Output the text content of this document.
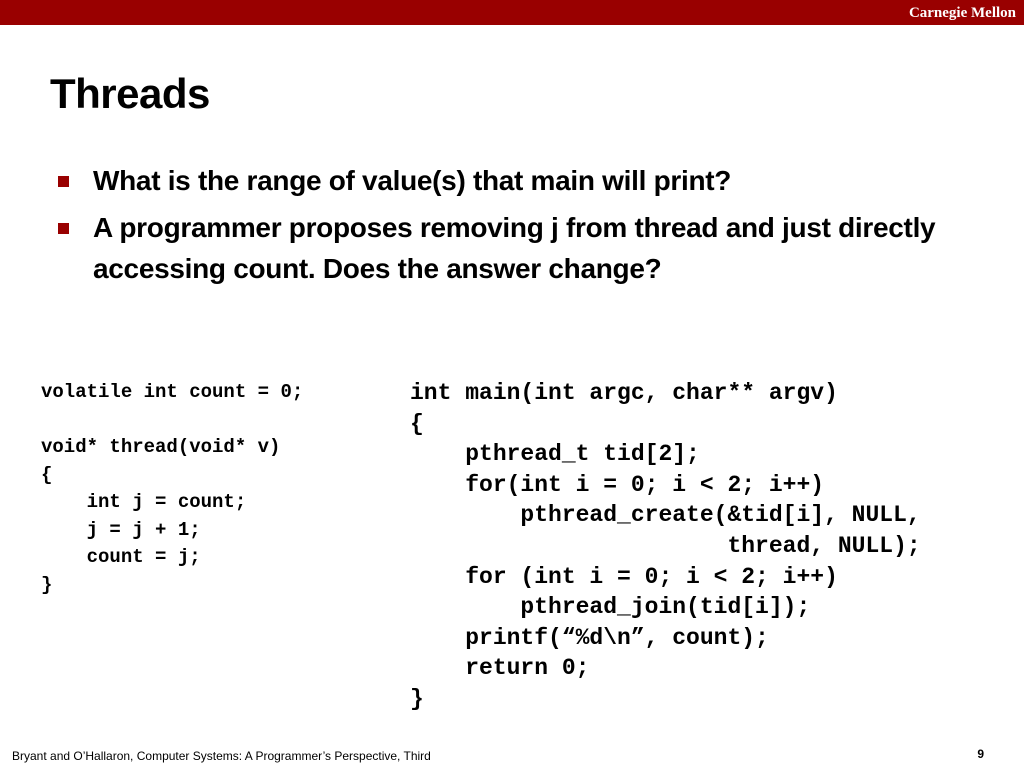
Carnegie Mellon
Threads
What is the range of value(s) that main will print?
A programmer proposes removing j from thread and just directly accessing count. Does the answer change?
volatile int count = 0;

void* thread(void* v)
{
int j = count;
j = j + 1;
count = j;
}
int main(int argc, char** argv)
{
pthread_t tid[2];
for(int i = 0; i < 2; i++)
pthread_create(&tid[i], NULL,
thread, NULL);
for (int i = 0; i < 2; i++)
pthread_join(tid[i]);
printf(“%d\n”, count);
return 0;
}
Bryant and O’Hallaron, Computer Systems: A Programmer’s Perspective, Third	9
